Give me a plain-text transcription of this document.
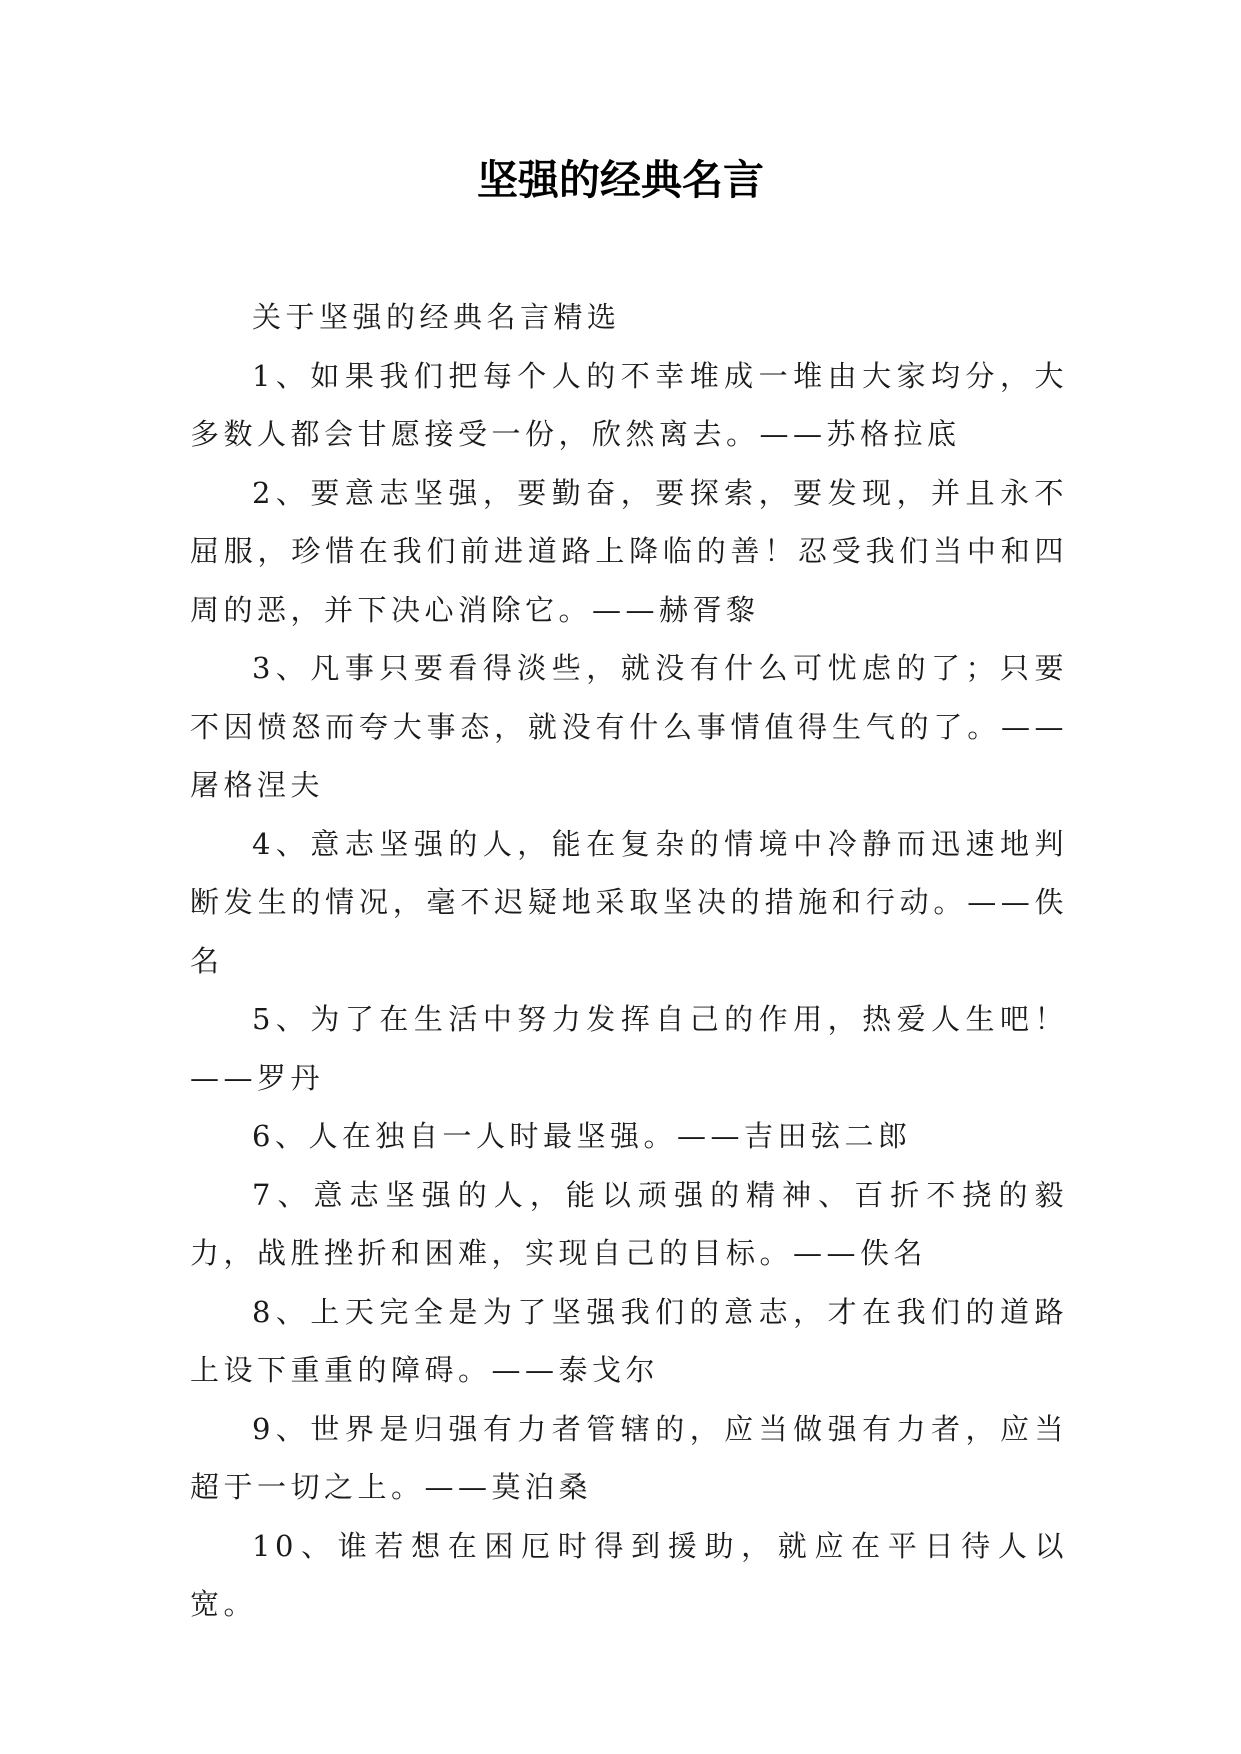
坚强的经典名言

关于坚强的经典名言精选

1、如果我们把每个人的不幸堆成一堆由大家均分，大多数人都会甘愿接受一份，欣然离去。——苏格拉底

2、要意志坚强，要勤奋，要探索，要发现，并且永不屈服，珍惜在我们前进道路上降临的善！忍受我们当中和四周的恶，并下决心消除它。——赫胥黎

3、凡事只要看得淡些，就没有什么可忧虑的了；只要不因愤怒而夸大事态，就没有什么事情值得生气的了。——屠格涅夫

4、意志坚强的人，能在复杂的情境中冷静而迅速地判断发生的情况，毫不迟疑地采取坚决的措施和行动。——佚名

5、为了在生活中努力发挥自己的作用，热爱人生吧！——罗丹

6、人在独自一人时最坚强。——吉田弦二郎

7、意志坚强的人，能以顽强的精神、百折不挠的毅力，战胜挫折和困难，实现自己的目标。——佚名

8、上天完全是为了坚强我们的意志，才在我们的道路上设下重重的障碍。——泰戈尔

9、世界是归强有力者管辖的，应当做强有力者，应当超于一切之上。——莫泊桑

10、谁若想在困厄时得到援助，就应在平日待人以宽。
